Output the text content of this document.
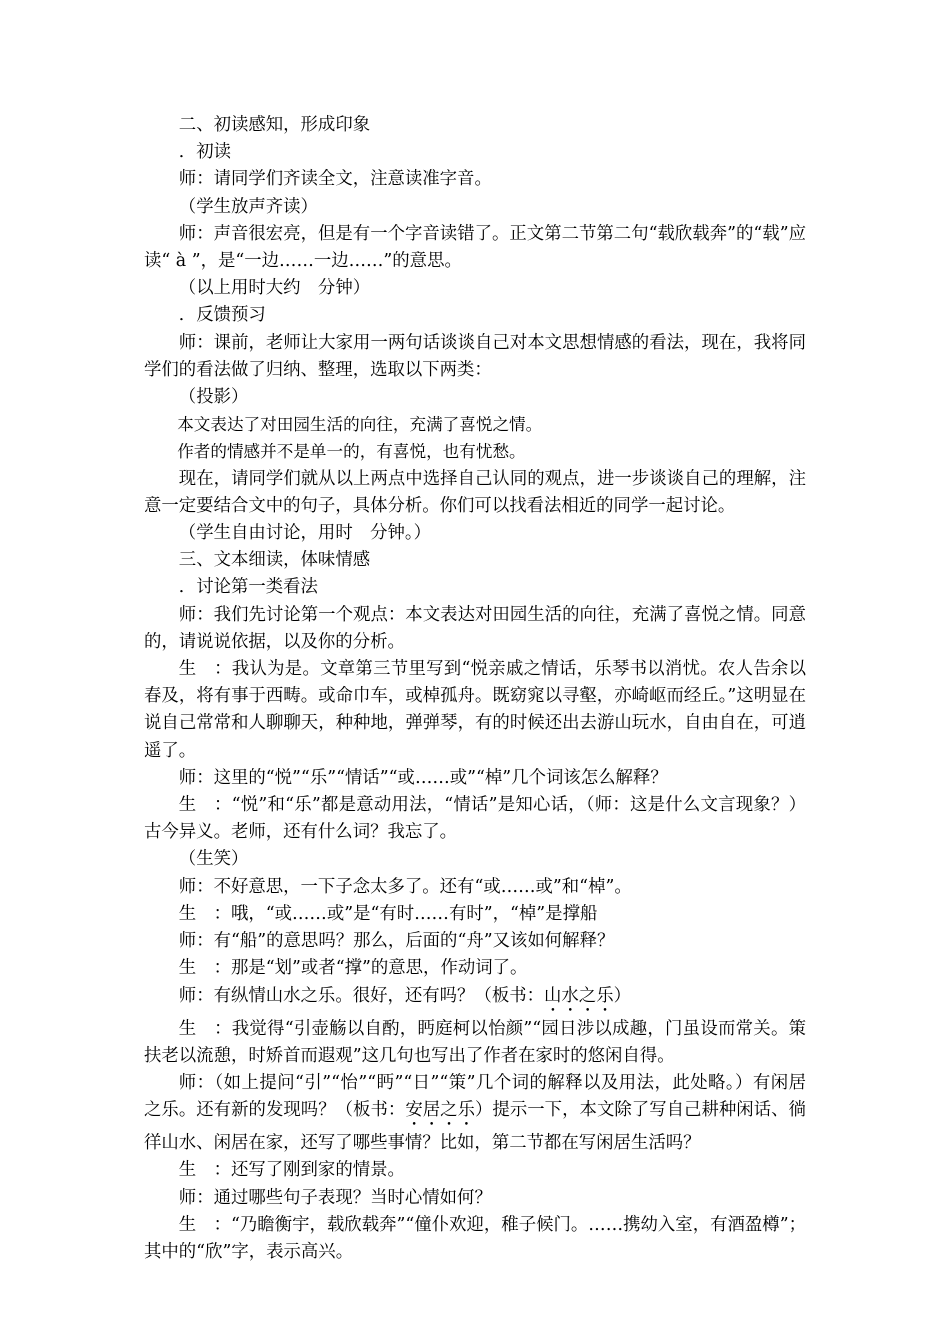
二、初读感知，形成印象

．初读

师：请同学们齐读全文，注意读准字音。

（学生放声齐读）

师：声音很宏亮，但是有一个字音读错了。正文第二节第二句“载欣载奔”的“载”应读“ à ”，是“一边……一边……”的意思。

（以上用时大约　分钟）

．反馈预习

师：课前，老师让大家用一两句话谈谈自己对本文思想情感的看法，现在，我将同学们的看法做了归纳、整理，选取以下两类：

（投影）

本文表达了对田园生活的向往，充满了喜悦之情。

作者的情感并不是单一的，有喜悦，也有忧愁。

现在，请同学们就从以上两点中选择自己认同的观点，进一步谈谈自己的理解，注意一定要结合文中的句子，具体分析。你们可以找看法相近的同学一起讨论。

（学生自由讨论，用时　分钟。）

三、文本细读，体味情感

．讨论第一类看法

师：我们先讨论第一个观点：本文表达对田园生活的向往，充满了喜悦之情。同意的，请说说依据，以及你的分析。

生　：我认为是。文章第三节里写到“悦亲戚之情话，乐琴书以消忧。农人告余以春及，将有事于西畴。或命巾车，或棹孤舟。既窈窕以寻壑，亦崎岖而经丘。”这明显在说自己常常和人聊聊天，种种地，弹弹琴，有的时候还出去游山玩水，自由自在，可逍遥了。

师：这里的“悦”“乐”“情话”“或……或”“棹”几个词该怎么解释？

生　：“悦”和“乐”都是意动用法，“情话”是知心话，（师：这是什么文言现象？）古今异义。老师，还有什么词？我忘了。

（生笑）

师：不好意思，一下子念太多了。还有“或……或”和“棹”。

生　：哦，“或……或”是“有时……有时”，“棹”是撑船

师：有“船”的意思吗？那么，后面的“舟”又该如何解释？

生　：那是“划”或者“撑”的意思，作动词了。

师：有纵情山水之乐。很好，还有吗？（板书：山水之乐）

生　：我觉得“引壶觞以自酌，眄庭柯以怡颜”“园日涉以成趣，门虽设而常关。策扶老以流憩，时矫首而遐观”这几句也写出了作者在家时的悠闲自得。

师：（如上提问“引”“怡”“眄”“日”“策”几个词的解释以及用法，此处略。）有闲居之乐。还有新的发现吗？（板书：安居之乐）提示一下，本文除了写自己耕种闲话、徜徉山水、闲居在家，还写了哪些事情？比如，第二节都在写闲居生活吗？

生　：还写了刚到家的情景。

师：通过哪些句子表现？当时心情如何？

生　：“乃瞻衡宇，载欣载奔”“僮仆欢迎，稚子候门。……携幼入室，有酒盈樽”；其中的“欣”字，表示高兴。
